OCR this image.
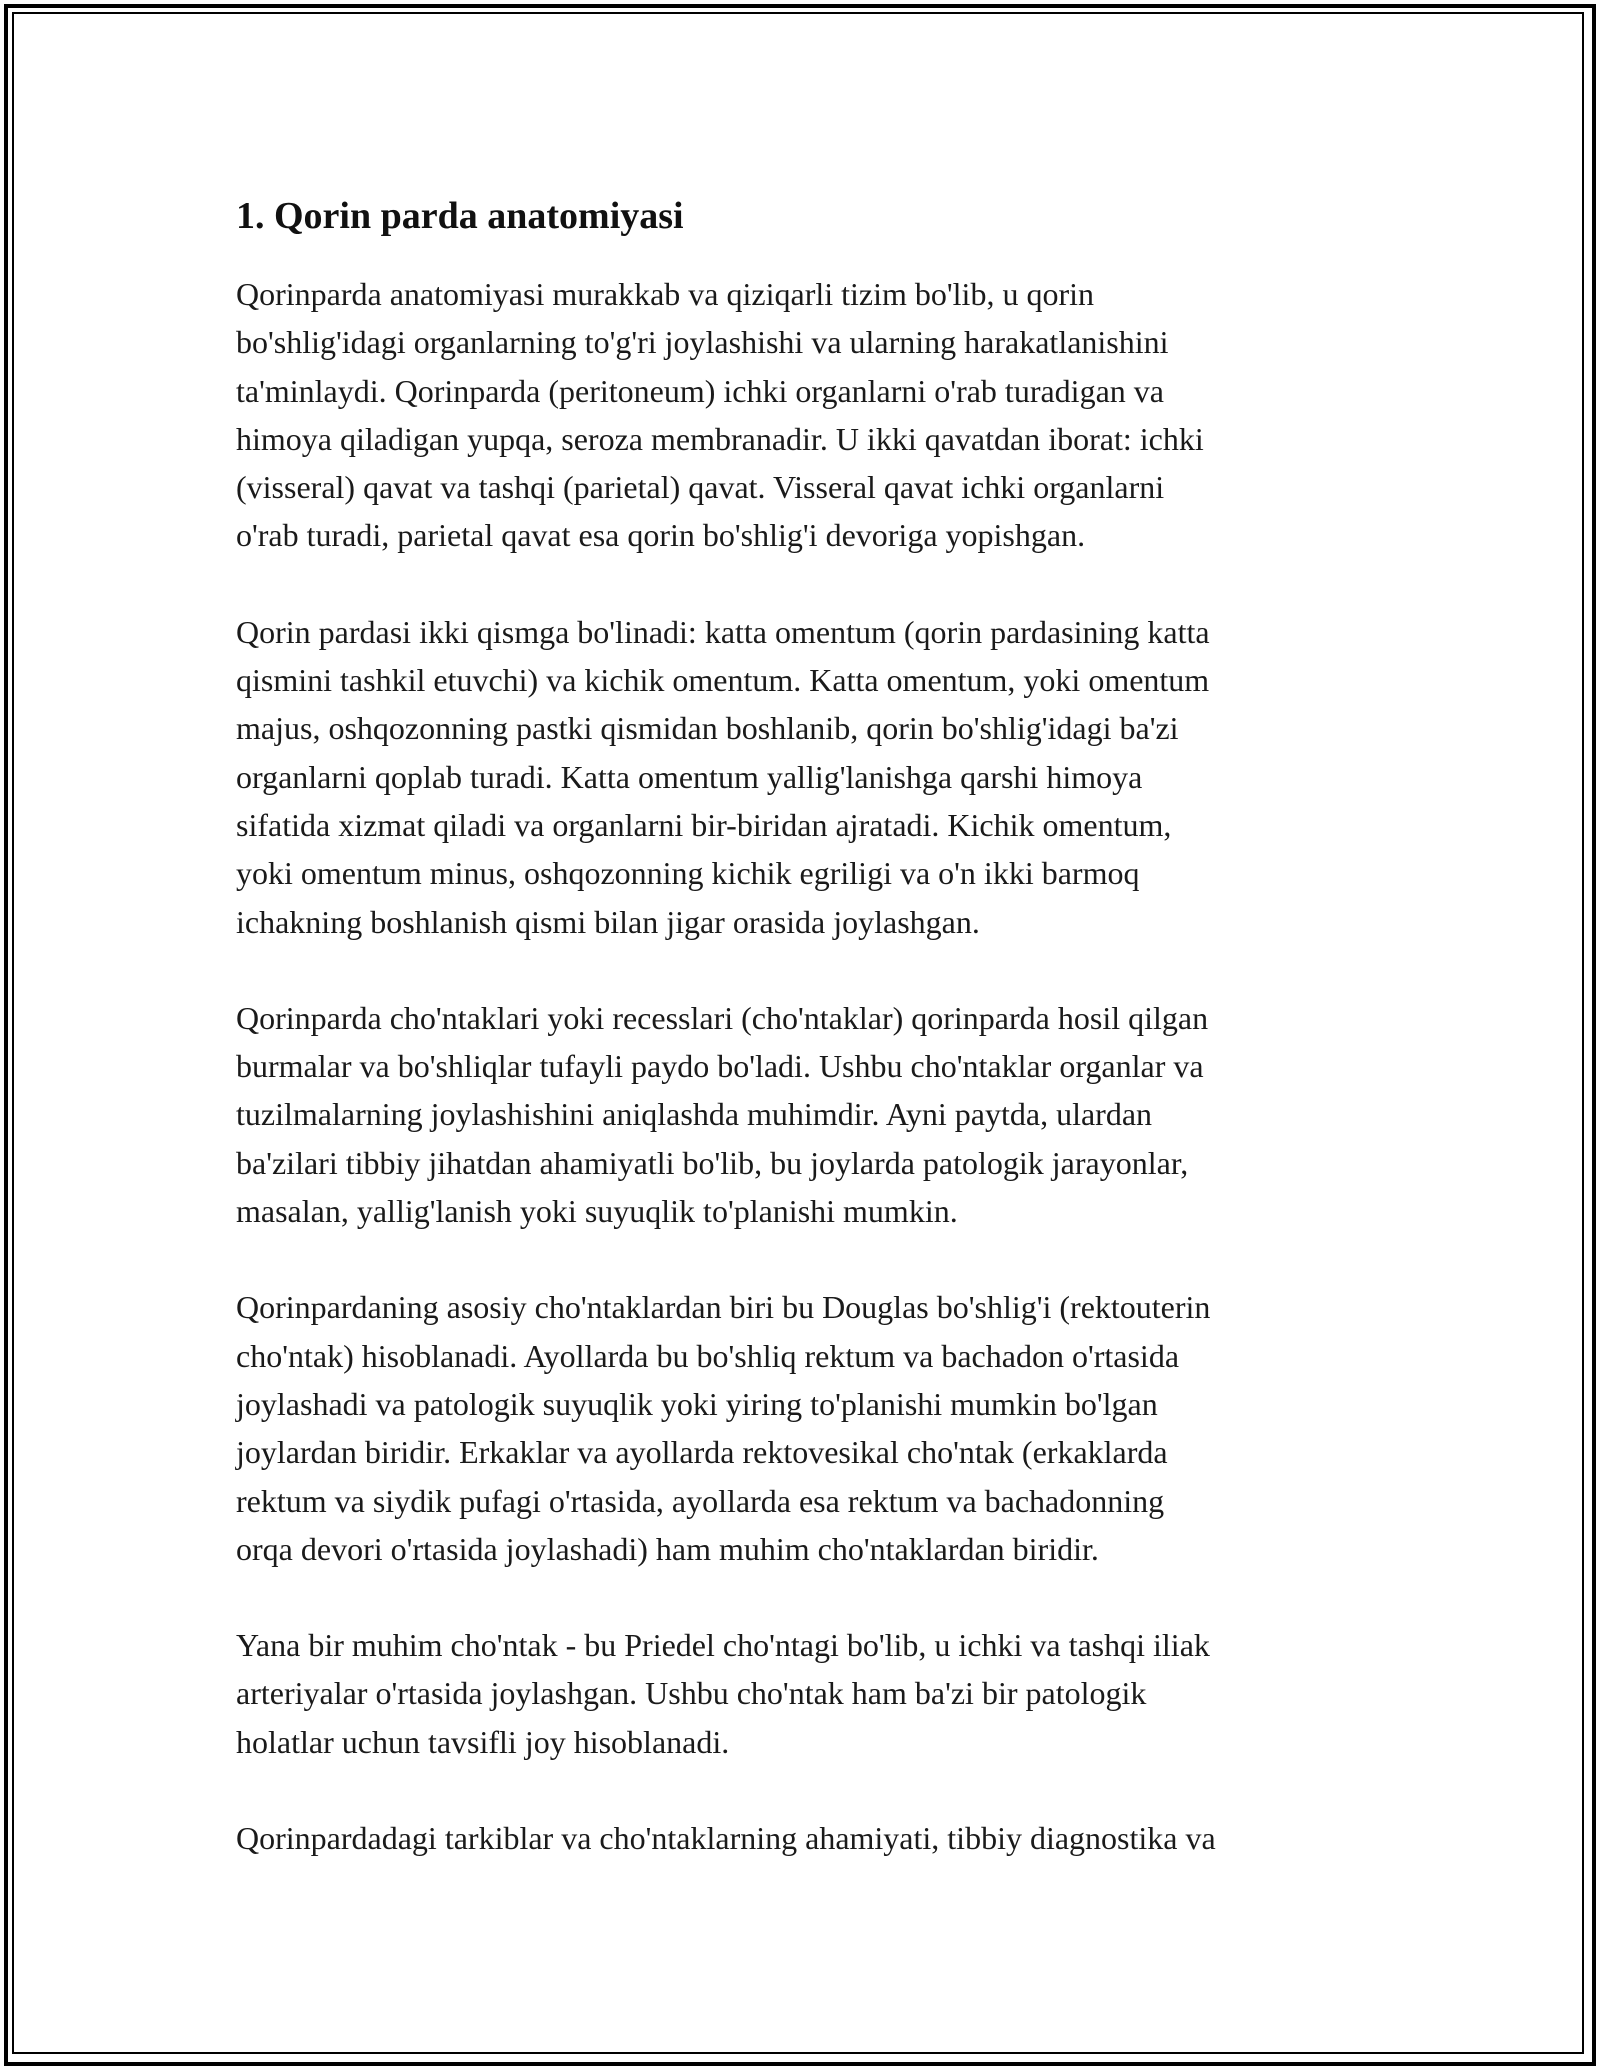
1. Qorin parda anatomiyasi

Qorinparda anatomiyasi murakkab va qiziqarli tizim bo'lib, u qorin
bo'shlig'idagi organlarning to'g'ri joylashishi va ularning harakatlanishini
ta'minlaydi. Qorinparda (peritoneum) ichki organlarni o'rab turadigan va
himoya qiladigan yupqa, seroza membranadir. U ikki qavatdan iborat: ichki
(visseral) qavat va tashqi (parietal) qavat. Visseral qavat ichki organlarni
o'rab turadi, parietal qavat esa qorin bo'shlig'i devoriga yopishgan.

Qorin pardasi ikki qismga bo'linadi: katta omentum (qorin pardasining katta
qismini tashkil etuvchi) va kichik omentum. Katta omentum, yoki omentum
majus, oshqozonning pastki qismidan boshlanib, qorin bo'shlig'idagi ba'zi
organlarni qoplab turadi. Katta omentum yallig'lanishga qarshi himoya
sifatida xizmat qiladi va organlarni bir-biridan ajratadi. Kichik omentum,
yoki omentum minus, oshqozonning kichik egriligi va o'n ikki barmoq
ichakning boshlanish qismi bilan jigar orasida joylashgan.

Qorinparda cho'ntaklari yoki recesslari (cho'ntaklar) qorinparda hosil qilgan
burmalar va bo'shliqlar tufayli paydo bo'ladi. Ushbu cho'ntaklar organlar va
tuzilmalarning joylashishini aniqlashda muhimdir. Ayni paytda, ulardan
ba'zilari tibbiy jihatdan ahamiyatli bo'lib, bu joylarda patologik jarayonlar,
masalan, yallig'lanish yoki suyuqlik to'planishi mumkin.

Qorinpardaning asosiy cho'ntaklardan biri bu Douglas bo'shlig'i (rektouterin
cho'ntak) hisoblanadi. Ayollarda bu bo'shliq rektum va bachadon o'rtasida
joylashadi va patologik suyuqlik yoki yiring to'planishi mumkin bo'lgan
joylardan biridir. Erkaklar va ayollarda rektovesikal cho'ntak (erkaklarda
rektum va siydik pufagi o'rtasida, ayollarda esa rektum va bachadonning
orqa devori o'rtasida joylashadi) ham muhim cho'ntaklardan biridir.

Yana bir muhim cho'ntak - bu Priedel cho'ntagi bo'lib, u ichki va tashqi iliak
arteriyalar o'rtasida joylashgan. Ushbu cho'ntak ham ba'zi bir patologik
holatlar uchun tavsifli joy hisoblanadi.

Qorinpardadagi tarkiblar va cho'ntaklarning ahamiyati, tibbiy diagnostika va
